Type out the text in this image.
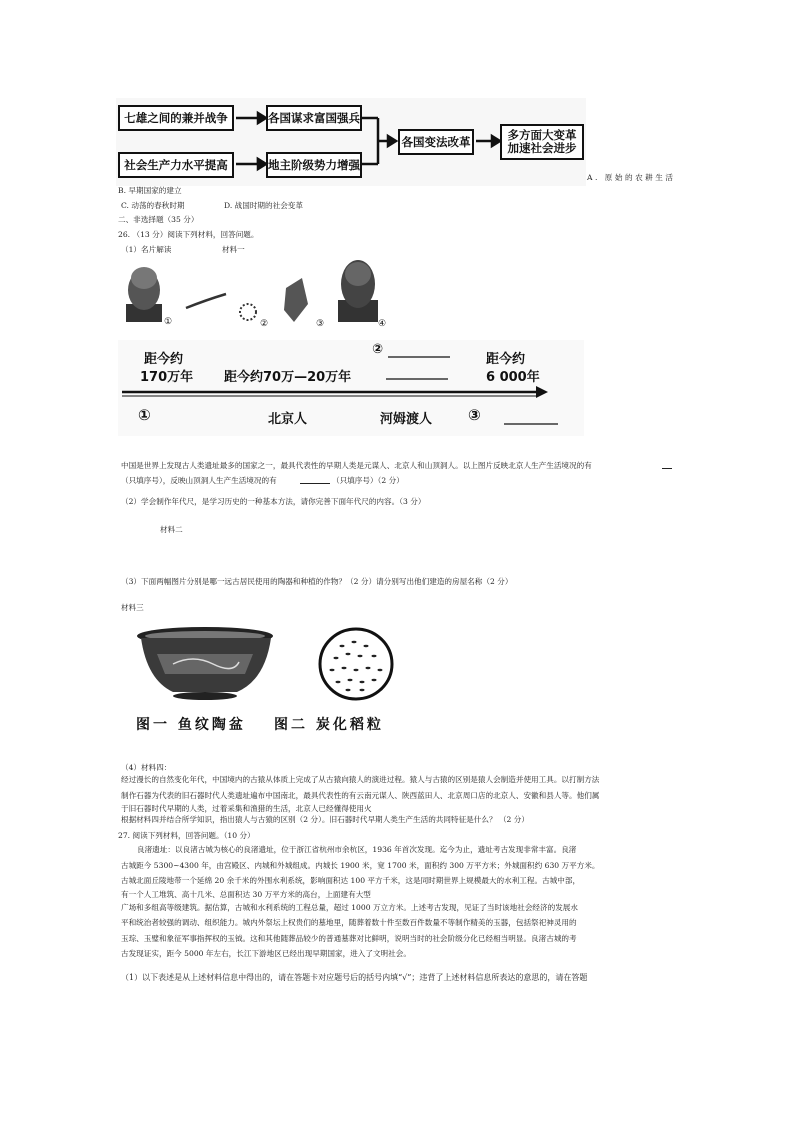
七雄之间的兼并战争	各国谋求富国强兵
社会生产力水平提高	地主阶级势力增强
各国变法改革	多方面大变革
加速社会进步
A. 原始的农耕生活
B. 早期国家的建立
C. 动荡的春秋时期	D. 战国时期的社会变革
二、非选择题（35 分）
26. （13 分）阅读下列材料，回答问题。
（1）名片解读	材料一
①	②	③	④
距今约
170万年 距今约70万—20万年
②
距今约
6 000年
①	北京人	河姆渡人 ③
中国是世界上发现古人类遗址最多的国家之一，最具代表性的早期人类是元谋人、北京人和山顶洞人。以上图片反映北京人生产生活境况的有
（只填序号），反映山顶洞人生产生活境况的有	（只填序号）（2 分）
（2）学会制作年代尺，是学习历史的一种基本方法，请你完善下面年代尺的内容。（3 分）
材料二
（3）下面两幅图片分别是哪一远古居民使用的陶器和种植的作物？（2 分）请分别写出他们建造的房屋名称（2 分）
材料三
图一 鱼纹陶盆 图二 炭化稻粒
（4）材料四：
经过漫长的自然变化年代，中国境内的古猿从体质上完成了从古猿向猿人的演进过程。猿人与古猿的区别是猿人会制造并使用工具。以打制方法
制作石器为代表的旧石器时代人类遗址遍布中国南北，最具代表性的有云南元谋人、陕西蓝田人、北京周口店的北京人、安徽和县人等。他们属
于旧石器时代早期的人类，过着采集和渔猎的生活，北京人已经懂得使用火
根据材料四并结合所学知识，指出猿人与古猿的区别（2 分）。旧石器时代早期人类生产生活的共同特征是什么？ （2 分）
27. 阅读下列材料，回答问题。（10 分）
良渚遗址：以良渚古城为核心的良渚遗址，位于浙江省杭州市余杭区，1936 年首次发现。迄今为止，遗址考古发现非常丰富。良渚
古城距今 5300~4300 年，由宫殿区、内城和外城组成。内城长 1900 米，宽 1700 米，面积约 300 万平方米；外城面积约 630 万平方米。
古城北面丘陵地带一个延绵 20 余千米的外围水利系统，影响面积达 100 平方千米，这是同时期世界上规模最大的水利工程。古城中部，
有一个人工堆筑、高十几米、总面积达 30 万平方米的高台，上面建有大型
广场和多组高等级建筑。据估算，古城和水利系统的工程总量，超过 1000 万立方米。上述考古发现，见证了当时该地社会经济的发展水
平和统治者较强的调动、组织能力。城内外祭坛上权贵们的墓地里，随葬着数十件至数百件数量不等制作精美的玉器，包括祭祀神灵用的
玉琮、玉璧和象征军事指挥权的玉钺。这和其他随葬品较少的普通墓葬对比鲜明，说明当时的社会阶级分化已经相当明显。良渚古城的考
古发现证实，距今 5000 年左右，长江下游地区已经出现早期国家，进入了文明社会。
（1）以下表述是从上述材料信息中得出的，请在答题卡对应题号后的括号内填“√”；违背了上述材料信息所表达的意思的，请在答题
